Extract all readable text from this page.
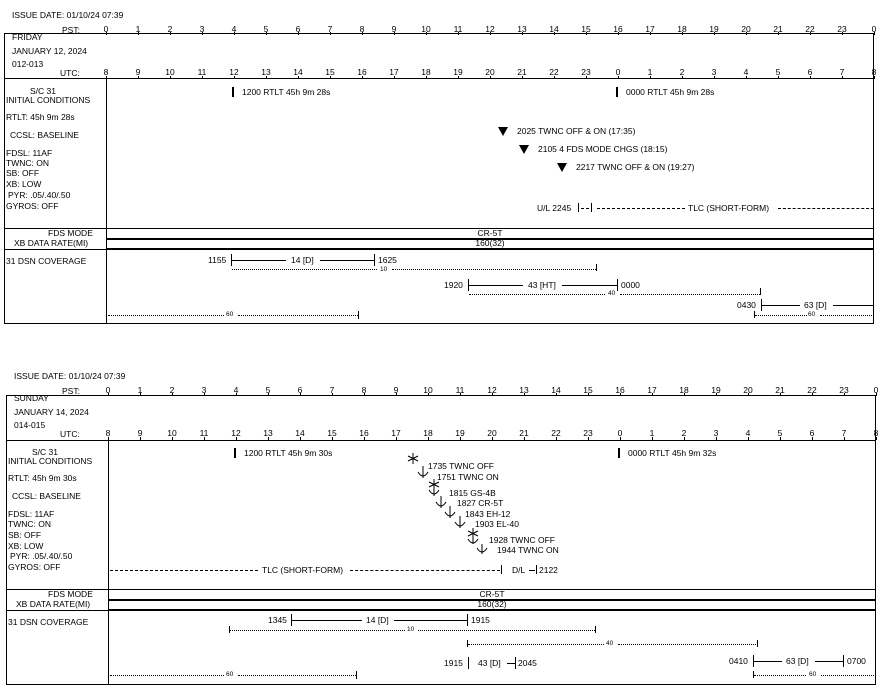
ISSUE DATE: 01/10/24 07:39
PST:	0	1	2	3	4	5	6	7	8	9	10	11	12	13	14	15	16	17	18	19	20	21	22	23	0
FRIDAY
JANUARY 12, 2024
012-013
UTC:	8	9	10	11	12	13	14	15	16	17	18	19	20	21	22	23	0	1	2	3	4	5	6	7	8
S/C 31
INITIAL CONDITIONS
RTLT: 45h 9m 28s
CCSL: BASELINE
FDSL: 11AF
TWNC: ON
SB: OFF
XB: LOW
PYR: .05/.40/.50
GYROS: OFF
1200 RTLT 45h 9m 28s	0000 RTLT 45h 9m 28s
2025 TWNC OFF & ON (17:35)
2105 4 FDS MODE CHGS (18:15)
2217 TWNC OFF & ON (19:27)
U/L 2245	TLC (SHORT-FORM)
FDS MODE	CR-5T
XB DATA RATE(MI)	160(32)
31 DSN COVERAGE	1155	14 [D]	1625
10
1920	43 [HT]	0000
40
0430	63 [D]
60
60
ISSUE DATE: 01/10/24 07:39
PST:	0	1	2	3	4	5	6	7	8	9	10	11	12	13	14	15	16	17	18	19	20	21	22	23	0
SUNDAY
JANUARY 14, 2024
014-015
UTC:	8	9	10	11	12	13	14	15	16	17	18	19	20	21	22	23	0	1	2	3	4	5	6	7	8
S/C 31
INITIAL CONDITIONS
RTLT: 45h 9m 30s
CCSL: BASELINE
FDSL: 11AF
TWNC: ON
SB: OFF
XB: LOW
PYR: .05/.40/.50
GYROS: OFF
1200 RTLT 45h 9m 30s	0000 RTLT 45h 9m 32s
1735 TWNC OFF
1751 TWNC ON
1815 GS-4B
1827 CR-5T
1843 EH-12
1903 EL-40
1928 TWNC OFF
1944 TWNC ON
TLC (SHORT-FORM)	D/L 2122
FDS MODE	CR-5T
XB DATA RATE(MI)	160(32)
31 DSN COVERAGE	1345	14 [D]	1915
10
40
1915 43 [D] 2045	0410	63 [D]	0700
60
60
